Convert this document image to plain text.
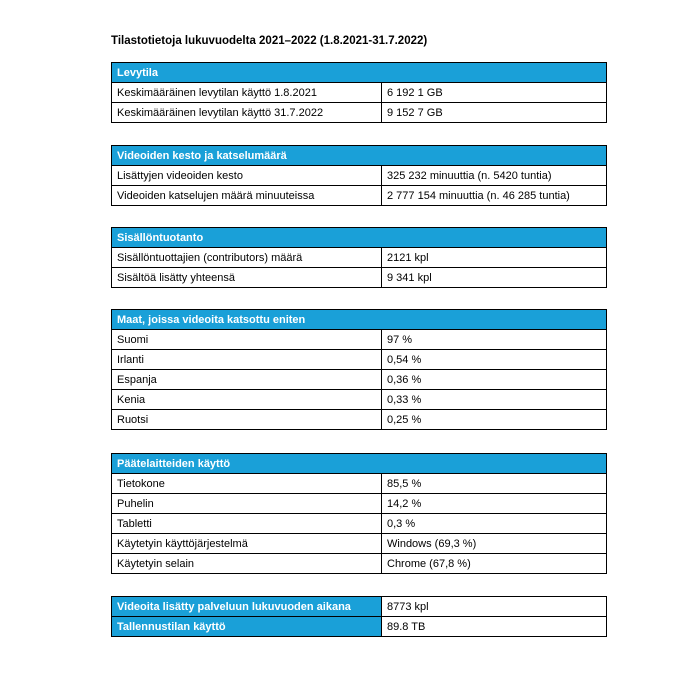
Tilastotietoja lukuvuodelta 2021–2022 (1.8.2021-31.7.2022)
Levytila	
Keskimääräinen levytilan käyttö 1.8.2021	6 192 1 GB
Keskimääräinen levytilan käyttö 31.7.2022	9 152 7 GB
Videoiden kesto ja katselumäärä	
Lisättyjen videoiden kesto	325 232 minuuttia (n. 5420 tuntia)
Videoiden katselujen määrä minuuteissa	2 777 154 minuuttia (n. 46 285 tuntia)
Sisällöntuotanto	
Sisällöntuottajien (contributors) määrä	2121 kpl
Sisältöä lisätty yhteensä	9 341 kpl
Maat, joissa videoita katsottu eniten	
Suomi	97 %
Irlanti	0,54 %
Espanja	0,36 %
Kenia	0,33 %
Ruotsi	0,25 %
Päätelaitteiden käyttö	
Tietokone	85,5 %
Puhelin	14,2 %
Tabletti	0,3 %
Käytetyin käyttöjärjestelmä	Windows (69,3 %)
Käytetyin selain	Chrome (67,8 %)
Videoita lisätty palveluun lukuvuoden aikana	8773 kpl
Tallennustilan käyttö	89.8 TB
